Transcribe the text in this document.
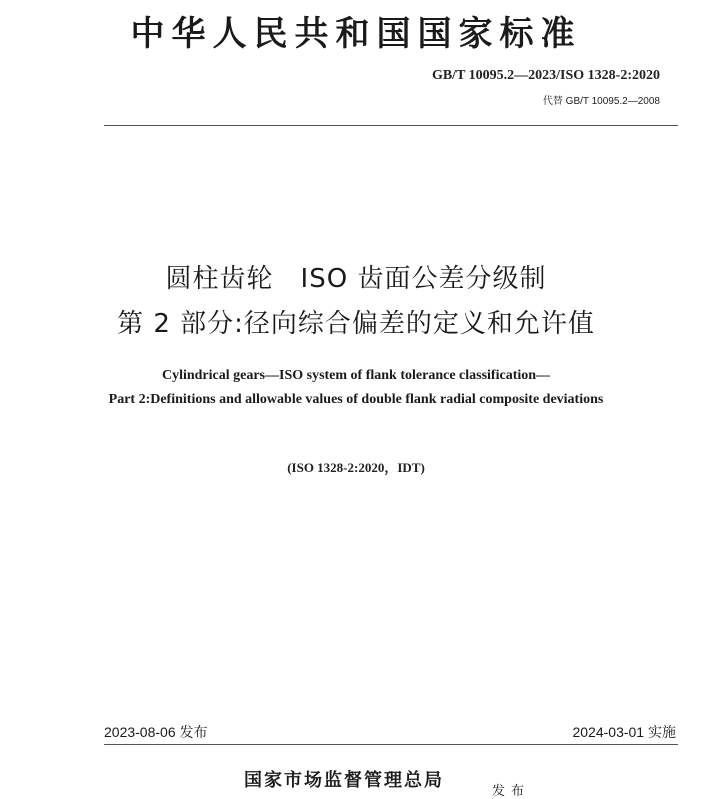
中华人民共和国国家标准
GB/T 10095.2—2023/ISO 1328-2:2020
代替 GB/T 10095.2—2008
圆柱齿轮　ISO 齿面公差分级制
第 2 部分:径向综合偏差的定义和允许值
Cylindrical gears—ISO system of flank tolerance classification—
Part 2:Definitions and allowable values of double flank radial composite deviations
(ISO 1328-2:2020，IDT)
2023-08-06 发布	2024-03-01 实施
国家市场监督管理总局
发布
